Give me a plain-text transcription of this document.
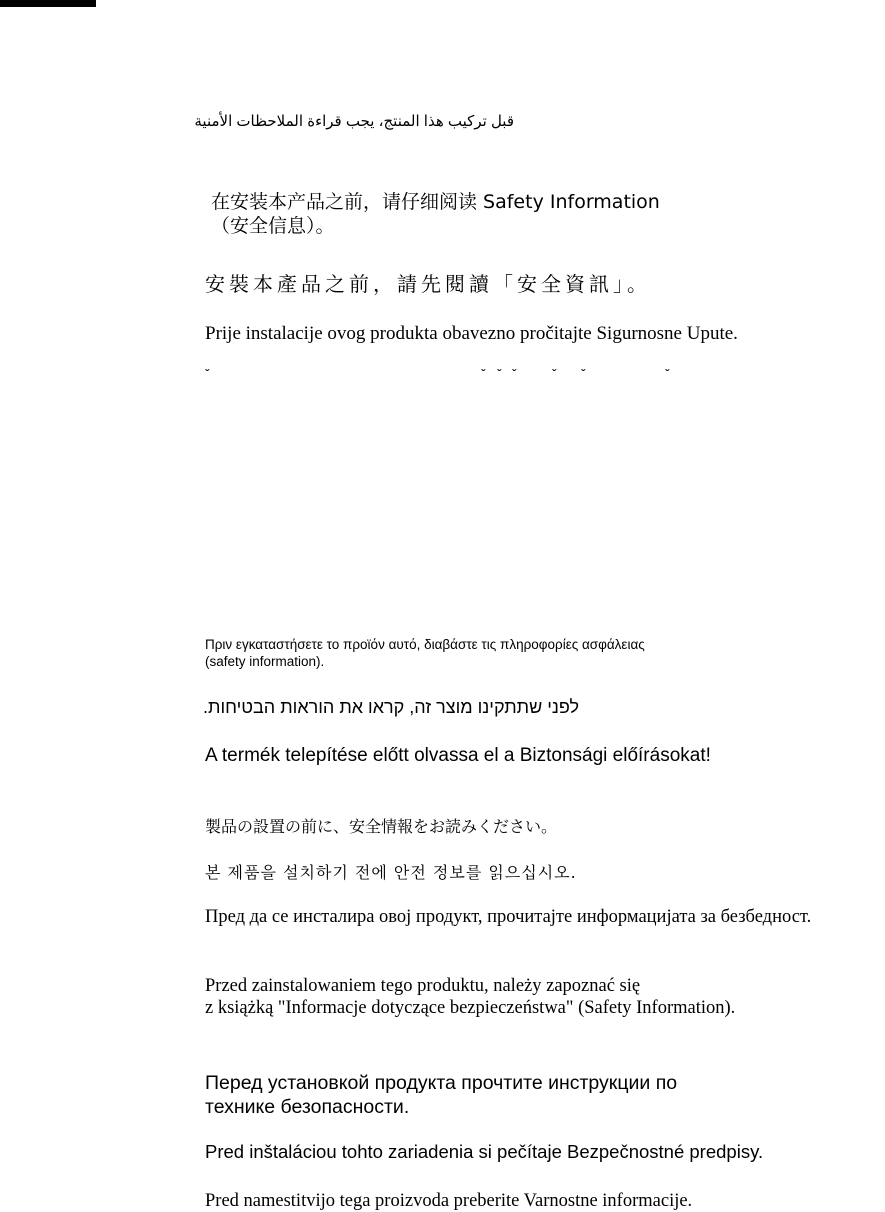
قبل تركيب هذا المنتج، يجب قراءة الملاحظات الأمنية

在安装本产品之前，请仔细阅读 Safety Information
（安全信息）。

安裝本產品之前，請先閱讀「安全資訊」。

Prije instalacije ovog produkta obavezno pročitajte Sigurnosne Upute.

ˇ	ˇ ˇ ˇ	ˇ ˇ	ˇ

Πριν εγκαταστήσετε το προϊόν αυτό, διαβάστε τις πληροφορίες ασφάλειας
(safety information).

לפני שתתקינו מוצר זה, קראו את הוראות הבטיחות.

A termék telepítése előtt olvassa el a Biztonsági előírásokat!

製品の設置の前に、安全情報をお読みください。

본 제품을 설치하기 전에 안전 정보를 읽으십시오.

Пред да се инсталира овој продукт, прочитајте информацијата за безбедност.

Przed zainstalowaniem tego produktu, należy zapoznać się
z książką "Informacje dotyczące bezpieczeństwa" (Safety Information).

Перед установкой продукта прочтите инструкции по
технике безопасности.

Pred inštaláciou tohto zariadenia si pečítaje Bezpečnostné predpisy.

Pred namestitvijo tega proizvoda preberite Varnostne informacije.
